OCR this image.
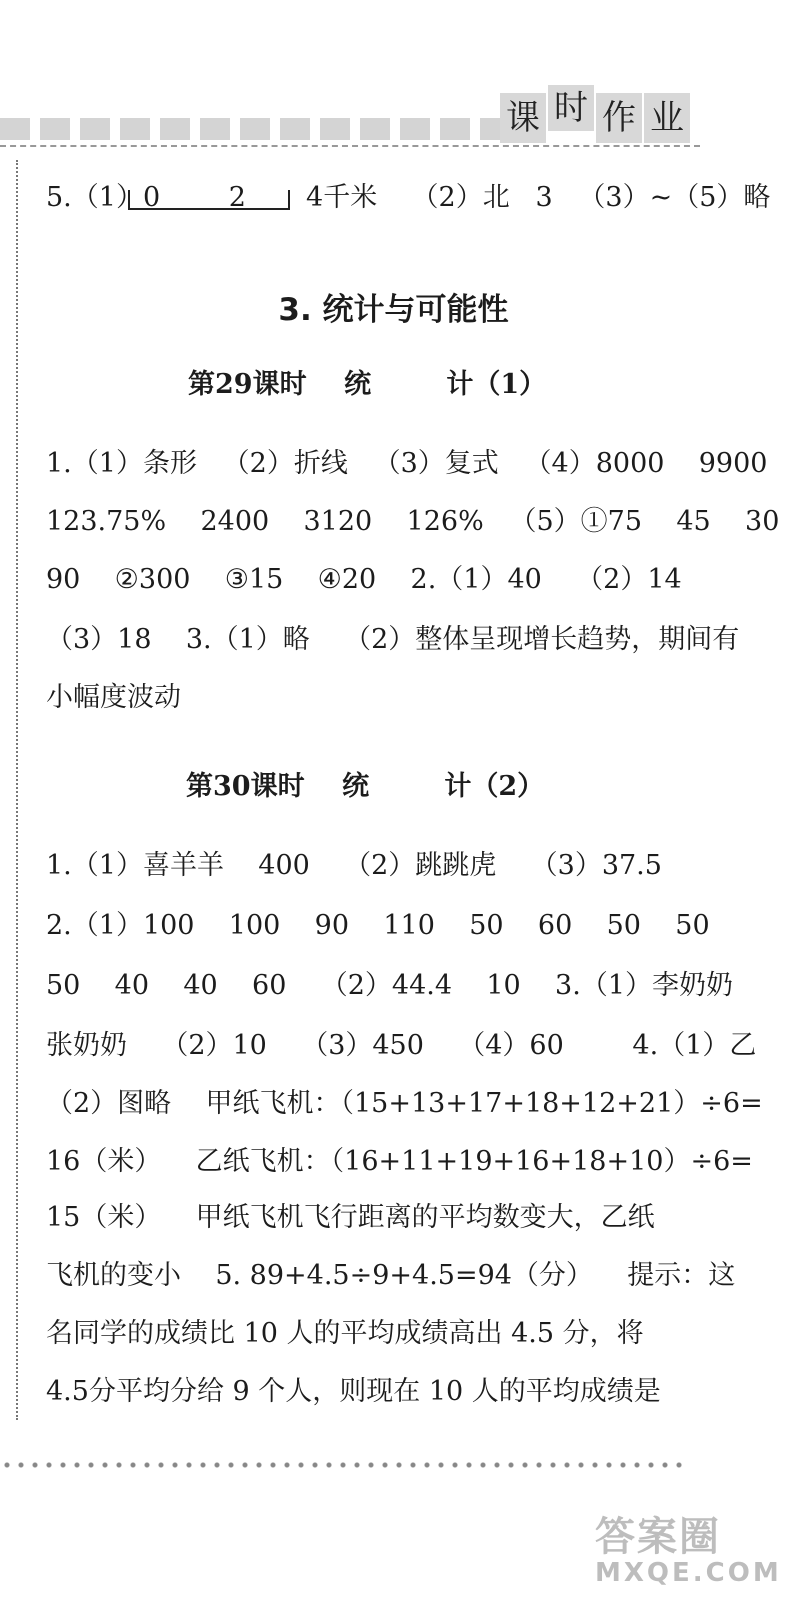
课 时 作 业
5.（1）0        2       4千米    （2）北   3   （3）~（5）略
3. 统计与可能性
第29课时    统        计（1）
1.（1）条形   （2）折线   （3）复式   （4）8000    9900
123.75%    2400    3120    126%   （5）①75    45    30
90    ②300    ③15    ④20    2.（1）40    （2）14
（3）18    3.（1）略    （2）整体呈现增长趋势，期间有
小幅度波动
第30课时    统        计（2）
1.（1）喜羊羊    400    （2）跳跳虎    （3）37.5
2.（1）100    100    90    110    50    60    50    50
50    40    40    60    （2）44.4    10    3.（1）李奶奶
张奶奶    （2）10    （3）450    （4）60        4.（1）乙
（2）图略    甲纸飞机：（15+13+17+18+12+21）÷6=
16（米）    乙纸飞机：（16+11+19+16+18+10）÷6=
15（米）    甲纸飞机飞行距离的平均数变大，乙纸
飞机的变小    5. 89+4.5÷9+4.5=94（分）    提示：这
名同学的成绩比 10 人的平均成绩高出 4.5 分，将
4.5分平均分给 9 个人，则现在 10 人的平均成绩是
答案圈
MXQE.COM
